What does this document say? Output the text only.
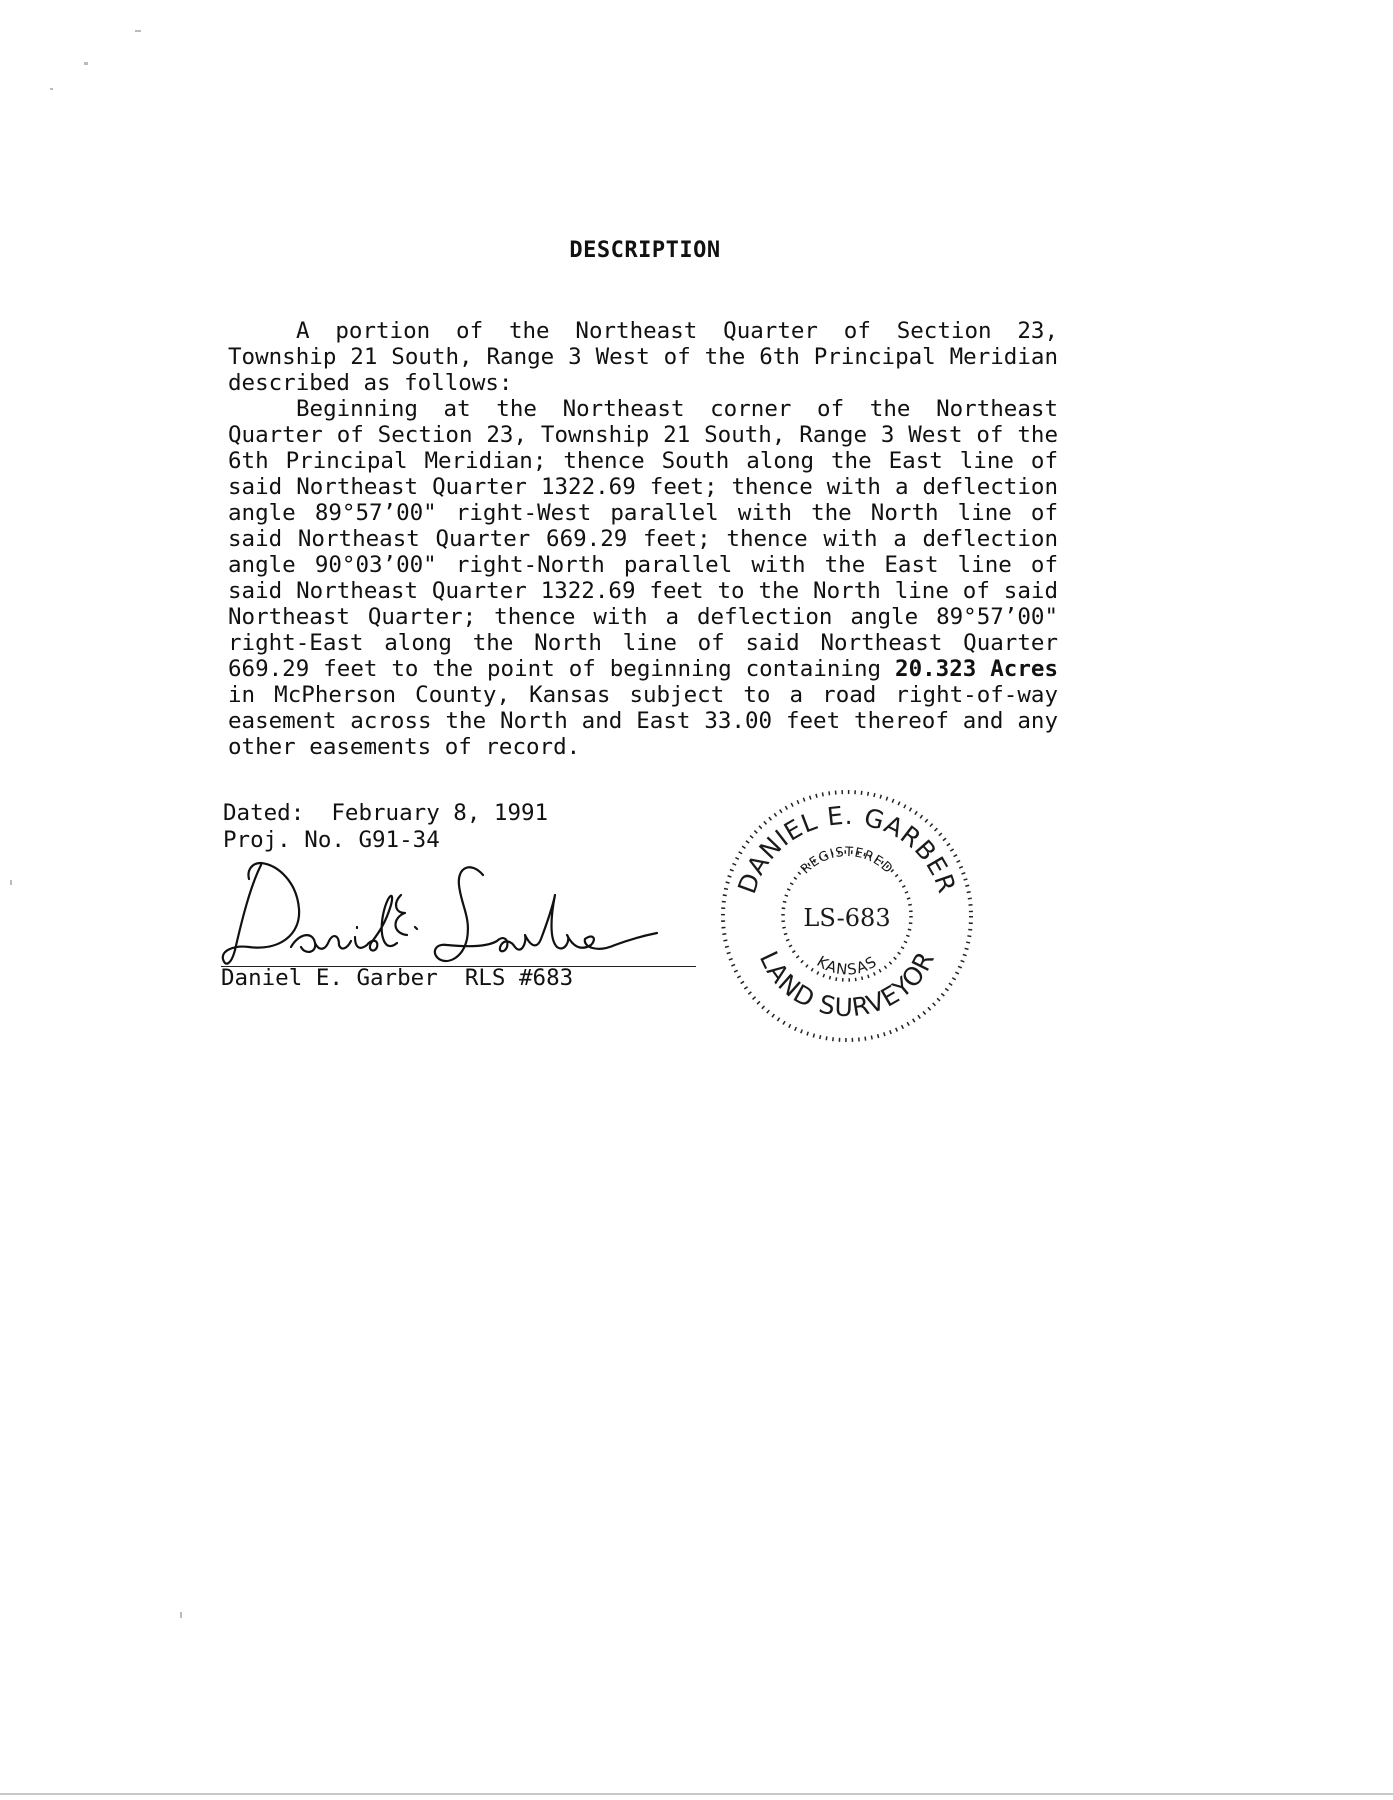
DESCRIPTION

A portion of the Northeast Quarter of Section 23, Township 21 South, Range 3 West of the 6th Principal Meridian described as follows:

Beginning at the Northeast corner of the Northeast Quarter of Section 23, Township 21 South, Range 3 West of the 6th Principal Meridian; thence South along the East line of said Northeast Quarter 1322.69 feet; thence with a deflection angle 89°57’00" right-West parallel with the North line of said Northeast Quarter 669.29 feet; thence with a deflection angle 90°03’00" right-North parallel with the East line of said Northeast Quarter 1322.69 feet to the North line of said Northeast Quarter; thence with a deflection angle 89°57’00" right-East along the North line of said Northeast Quarter 669.29 feet to the point of beginning containing 20.323 Acres in McPherson County, Kansas subject to a road right-of-way easement across the North and East 33.00 feet thereof and any other easements of record.

Dated:  February 8, 1991
Proj. No. G91-34
Daniel E. Garber  RLS #683
DANIEL E. GARBER
LAND SURVEYOR
REGISTERED
KANSAS
LS-683
